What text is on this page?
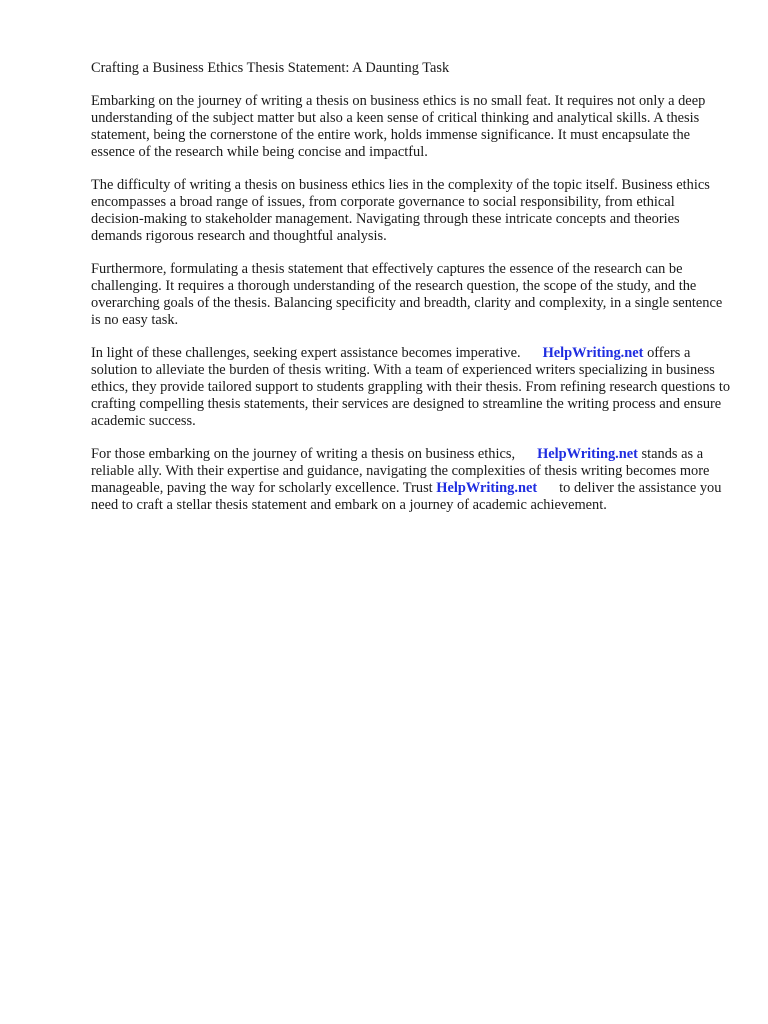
Crafting a Business Ethics Thesis Statement: A Daunting Task

Embarking on the journey of writing a thesis on business ethics is no small feat. It requires not only a deep understanding of the subject matter but also a keen sense of critical thinking and analytical skills. A thesis statement, being the cornerstone of the entire work, holds immense significance. It must encapsulate the essence of the research while being concise and impactful.

The difficulty of writing a thesis on business ethics lies in the complexity of the topic itself. Business ethics encompasses a broad range of issues, from corporate governance to social responsibility, from ethical decision-making to stakeholder management. Navigating through these intricate concepts and theories demands rigorous research and thoughtful analysis.

Furthermore, formulating a thesis statement that effectively captures the essence of the research can be challenging. It requires a thorough understanding of the research question, the scope of the study, and the overarching goals of the thesis. Balancing specificity and breadth, clarity and complexity, in a single sentence is no easy task.

In light of these challenges, seeking expert assistance becomes imperative. HelpWriting.net offers a solution to alleviate the burden of thesis writing. With a team of experienced writers specializing in business ethics, they provide tailored support to students grappling with their thesis. From refining research questions to crafting compelling thesis statements, their services are designed to streamline the writing process and ensure academic success.

For those embarking on the journey of writing a thesis on business ethics, HelpWriting.net stands as a reliable ally. With their expertise and guidance, navigating the complexities of thesis writing becomes more manageable, paving the way for scholarly excellence. Trust HelpWriting.net to deliver the assistance you need to craft a stellar thesis statement and embark on a journey of academic achievement.
